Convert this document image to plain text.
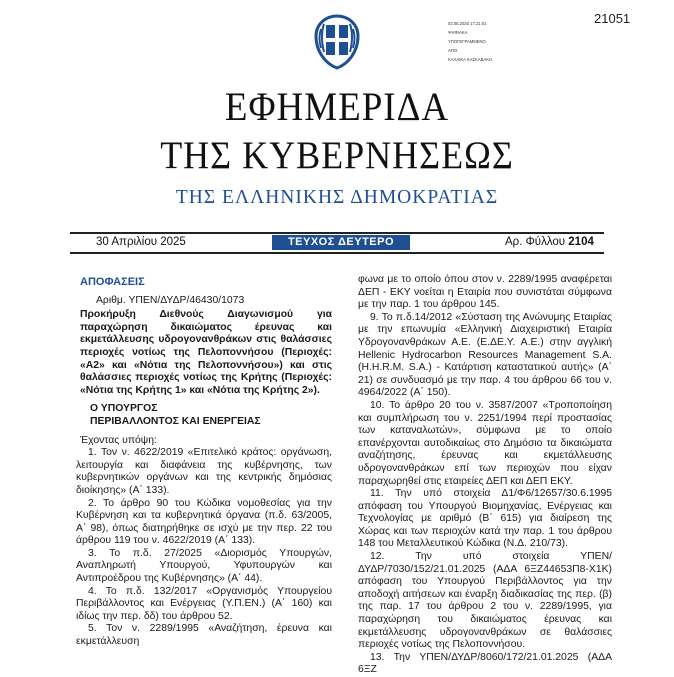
02.05.2025 17:21:01
ΨΗΦΙΑΚΑ
ΥΠΟΓΕΓΡΑΜΜΕΝΟ
ΑΠΟ
ΚΑΛΛΙΚΑ ΚΑΣΚΑΒΑΚΗ
21051
ΕΦΗΜΕΡΙΔΑ
ΤΗΣ ΚΥΒΕΡΝΗΣΕΩΣ
ΤΗΣ ΕΛΛΗΝΙΚΗΣ ΔΗΜΟΚΡΑΤΙΑΣ
30 Απριλίου 2025	ΤΕΥΧΟΣ ΔΕΥΤΕΡΟ	Αρ. Φύλλου 2104
ΑΠΟΦΑΣΕΙΣ

Αριθμ. ΥΠΕΝ/ΔΥΔΡ/46430/1073

Προκήρυξη Διεθνούς Διαγωνισμού για παραχώρηση δικαιώματος έρευνας και εκμετάλλευσης υδρογονανθράκων στις θαλάσσιες περιοχές νοτίως της Πελοποννήσου (Περιοχές: «Α2» και «Νότια της Πελοποννήσου») και στις θαλάσσιες περιοχές νοτίως της Κρήτης (Περιοχές: «Νότια της Κρήτης 1» και «Νότια της Κρήτης 2»).

Ο ΥΠΟΥΡΓΟΣ

ΠΕΡΙΒΑΛΛΟΝΤΟΣ ΚΑΙ ΕΝΕΡΓΕΙΑΣ

Έχοντας υπόψη:

1. Τον ν. 4622/2019 «Επιτελικό κράτος: οργάνωση, λειτουργία και διαφάνεια της κυβέρνησης, των κυβερνητικών οργάνων και της κεντρικής δημόσιας διοίκησης» (Α΄ 133).

2. Το άρθρο 90 του Κώδικα νομοθεσίας για την Κυβέρνηση και τα κυβερνητικά όργανα (π.δ. 63/2005, Α΄ 98), όπως διατηρήθηκε σε ισχύ με την περ. 22 του άρθρου 119 του ν. 4622/2019 (Α΄ 133).

3. Το π.δ. 27/2025 «Διορισμός Υπουργών, Αναπληρωτή Υπουργού, Υφυπουργών και Αντιπροέδρου της Κυβέρνησης» (Α΄ 44).

4. Το π.δ. 132/2017 «Οργανισμός Υπουργείου Περιβάλλοντος και Ενέργειας (Υ.Π.ΕΝ.) (Α΄ 160) και ιδίως την περ. δδ) του άρθρου 52.

5. Τον ν. 2289/1995 «Αναζήτηση, έρευνα και εκμετάλλευση

φωνα με το οποίο όπου στον ν. 2289/1995 αναφέρεται ΔΕΠ - ΕΚΥ νοείται η Εταιρία που συνιστάται σύμφωνα με την παρ. 1 του άρθρου 145.

9. Το π.δ.14/2012 «Σύσταση της Ανώνυμης Εταιρίας με την επωνυμία «Ελληνική Διαχειριστική Εταιρία Υδρογονανθράκων Α.Ε. (Ε.ΔΕ.Υ. Α.Ε.) στην αγγλική Hellenic Hydrocarbon Resources Management S.A. (H.H.R.M. S.A.) - Κατάρτιση καταστατικού αυτής» (Α΄ 21) σε συνδυασμό με την παρ. 4 του άρθρου 66 του ν. 4964/2022 (Α΄ 150).

10. Το άρθρο 20 του ν. 3587/2007 «Τροποποίηση και συμπλήρωση του ν. 2251/1994 περί προστασίας των καταναλωτών», σύμφωνα με το οποίο επανέρχονται αυτοδικαίως στο Δημόσιο τα δικαιώματα αναζήτησης, έρευνας και εκμετάλλευσης υδρογονανθράκων επί των περιοχών που είχαν παραχωρηθεί στις εταιρείες ΔΕΠ και ΔΕΠ ΕΚΥ.

11. Την υπό στοιχεία Δ1/Φ6/12657/30.6.1995 απόφαση του Υπουργού Βιομηχανίας, Ενέργειας και Τεχνολογίας με αριθμό (Β΄ 615) για διαίρεση της Χώρας και των περιοχών κατά την παρ. 1 του άρθρου 148 του Μεταλλευτικού Κώδικα (Ν.Δ. 210/73).

12. Την υπό στοιχεία ΥΠΕΝ/ΔΥΔΡ/7030/152/21.01.2025 (ΑΔΑ 6ΞΖ44653Π8-Χ1Κ) απόφαση του Υπουργού Περιβάλλοντος για την αποδοχή αιτήσεων και έναρξη διαδικασίας της περ. (β) της παρ. 17 του άρθρου 2 του ν. 2289/1995, για παραχώρηση του δικαιώματος έρευνας και εκμετάλλευσης υδρογονανθράκων σε θαλάσσιες περιοχές νοτίως της Πελοποννήσου.

13. Την ΥΠΕΝ/ΔΥΔΡ/8060/172/21.01.2025 (ΑΔΑ 6ΞΖ
